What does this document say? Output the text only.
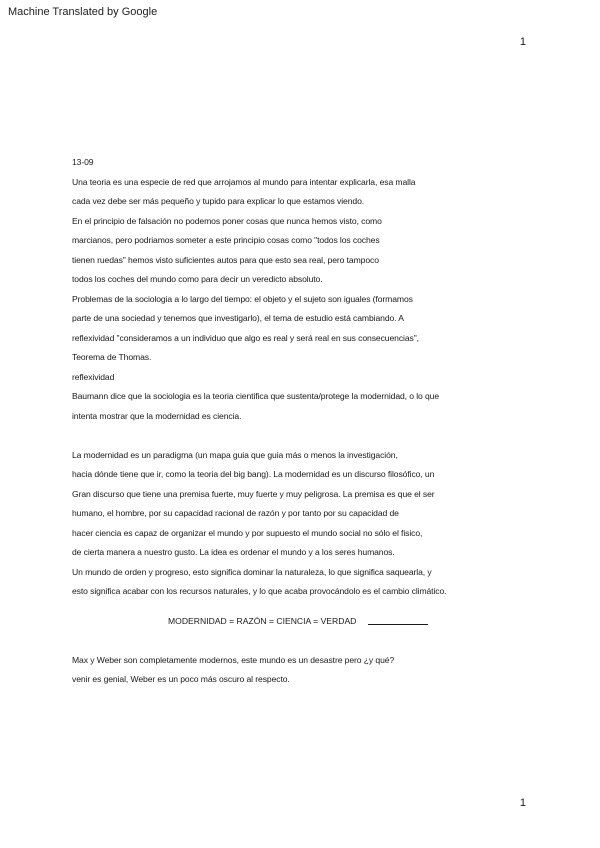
Machine Translated by Google
1
13-09
Una teoria es una especie de red que arrojamos al mundo para intentar explicarla, esa malla
cada vez debe ser más pequeño y tupido para explicar lo que estamos viendo.
En el principio de falsación no podemos poner cosas que nunca hemos visto, como
marcianos, pero podriamos someter a este principio cosas como "todos los coches
tienen ruedas" hemos visto suficientes autos para que esto sea real, pero tampoco
todos los coches del mundo como para decir un veredicto absoluto.
Problemas de la sociologia a lo largo del tiempo: el objeto y el sujeto son iguales (formamos
parte de una sociedad y tenemos que investigarlo), el tema de estudio está cambiando. A
reflexividad "consideramos a un individuo que algo es real y será real en sus consecuencias",
Teorema de Thomas.
reflexividad
Baumann dice que la sociologia es la teoria cientifica que sustenta/protege la modernidad, o lo que
intenta mostrar que la modernidad es ciencia.
La modernidad es un paradigma (un mapa guia que guia más o menos la investigación,
hacia dónde tiene que ir, como la teoria del big bang). La modernidad es un discurso filosófico, un
Gran discurso que tiene una premisa fuerte, muy fuerte y muy peligrosa. La premisa es que el ser
humano, el hombre, por su capacidad racional de razón y por tanto por su capacidad de
hacer ciencia es capaz de organizar el mundo y por supuesto el mundo social no sólo el fisico,
de cierta manera a nuestro gusto. La idea es ordenar el mundo y a los seres humanos.
Un mundo de orden y progreso, esto significa dominar la naturaleza, lo que significa saquearla, y
esto significa acabar con los recursos naturales, y lo que acaba provocándolo es el cambio climático.
MODERNIDAD = RAZÓN = CIENCIA = VERDAD
Max y Weber son completamente modernos, este mundo es un desastre pero ¿y qué?
venir es genial, Weber es un poco más oscuro al respecto.
1
